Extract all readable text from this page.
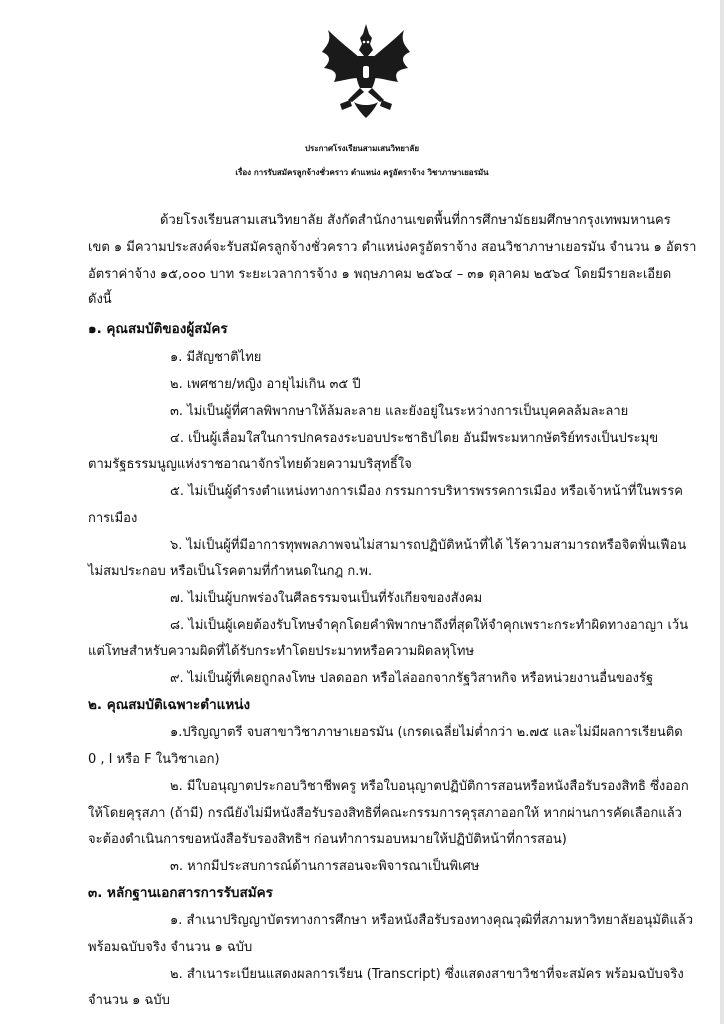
ประกาศโรงเรียนสามเสนวิทยาลัย
เรื่อง การรับสมัครลูกจ้างชั่วคราว ตำแหน่ง ครูอัตราจ้าง วิชาภาษาเยอรมัน
ด้วยโรงเรียนสามเสนวิทยาลัย สังกัดสำนักงานเขตพื้นที่การศึกษามัธยมศึกษากรุงเทพมหานคร
เขต ๑ มีความประสงค์จะรับสมัครลูกจ้างชั่วคราว ตำแหน่งครูอัตราจ้าง สอนวิชาภาษาเยอรมัน จำนวน ๑ อัตรา
อัตราค่าจ้าง ๑๕,๐๐๐ บาท ระยะเวลาการจ้าง ๑ พฤษภาคม ๒๕๖๔ – ๓๑ ตุลาคม ๒๕๖๔ โดยมีรายละเอียด
ดังนี้
๑. คุณสมบัติของผู้สมัคร
๑. มีสัญชาติไทย
๒. เพศชาย/หญิง อายุไม่เกิน ๓๕ ปี
๓. ไม่เป็นผู้ที่ศาลพิพากษาให้ล้มละลาย และยังอยู่ในระหว่างการเป็นบุคคลล้มละลาย
๔. เป็นผู้เลื่อมใสในการปกครองระบอบประชาธิปไตย อันมีพระมหากษัตริย์ทรงเป็นประมุข
ตามรัฐธรรมนูญแห่งราชอาณาจักรไทยด้วยความบริสุทธิ์ใจ
๕. ไม่เป็นผู้ดำรงตำแหน่งทางการเมือง กรรมการบริหารพรรคการเมือง หรือเจ้าหน้าที่ในพรรค
การเมือง
๖. ไม่เป็นผู้ที่มีอาการทุพพลภาพจนไม่สามารถปฏิบัติหน้าที่ได้ ไร้ความสามารถหรือจิตฟั่นเฟือน
ไม่สมประกอบ หรือเป็นโรคตามที่กำหนดในกฎ ก.พ.
๗. ไม่เป็นผู้บกพร่องในศีลธรรมจนเป็นที่รังเกียจของสังคม
๘. ไม่เป็นผู้เคยต้องรับโทษจำคุกโดยคำพิพากษาถึงที่สุดให้จำคุกเพราะกระทำผิดทางอาญา เว้น
แต่โทษสำหรับความผิดที่ได้รับกระทำโดยประมาทหรือความผิดลหุโทษ
๙. ไม่เป็นผู้ที่เคยถูกลงโทษ ปลดออก หรือไล่ออกจากรัฐวิสาหกิจ หรือหน่วยงานอื่นของรัฐ
๒. คุณสมบัติเฉพาะตำแหน่ง
๑.ปริญญาตรี จบสาขาวิชาภาษาเยอรมัน (เกรดเฉลี่ยไม่ต่ำกว่า ๒.๗๕ และไม่มีผลการเรียนติด
0 , I หรือ F ในวิชาเอก)
๒. มีใบอนุญาตประกอบวิชาชีพครู หรือใบอนุญาตปฏิบัติการสอนหรือหนังสือรับรองสิทธิ ซึ่งออก
ให้โดยคุรุสภา (ถ้ามี) กรณียังไม่มีหนังสือรับรองสิทธิที่คณะกรรมการคุรุสภาออกให้ หากผ่านการคัดเลือกแล้ว
จะต้องดำเนินการขอหนังสือรับรองสิทธิฯ ก่อนทำการมอบหมายให้ปฏิบัติหน้าที่การสอน)
๓. หากมีประสบการณ์ด้านการสอนจะพิจารณาเป็นพิเศษ
๓. หลักฐานเอกสารการรับสมัคร
๑. สำเนาปริญญาบัตรทางการศึกษา หรือหนังสือรับรองทางคุณวุฒิที่สภามหาวิทยาลัยอนุมัติแล้ว
พร้อมฉบับจริง จำนวน ๑ ฉบับ
๒. สำเนาระเบียนแสดงผลการเรียน (Transcript) ซึ่งแสดงสาขาวิชาที่จะสมัคร พร้อมฉบับจริง
จำนวน ๑ ฉบับ
